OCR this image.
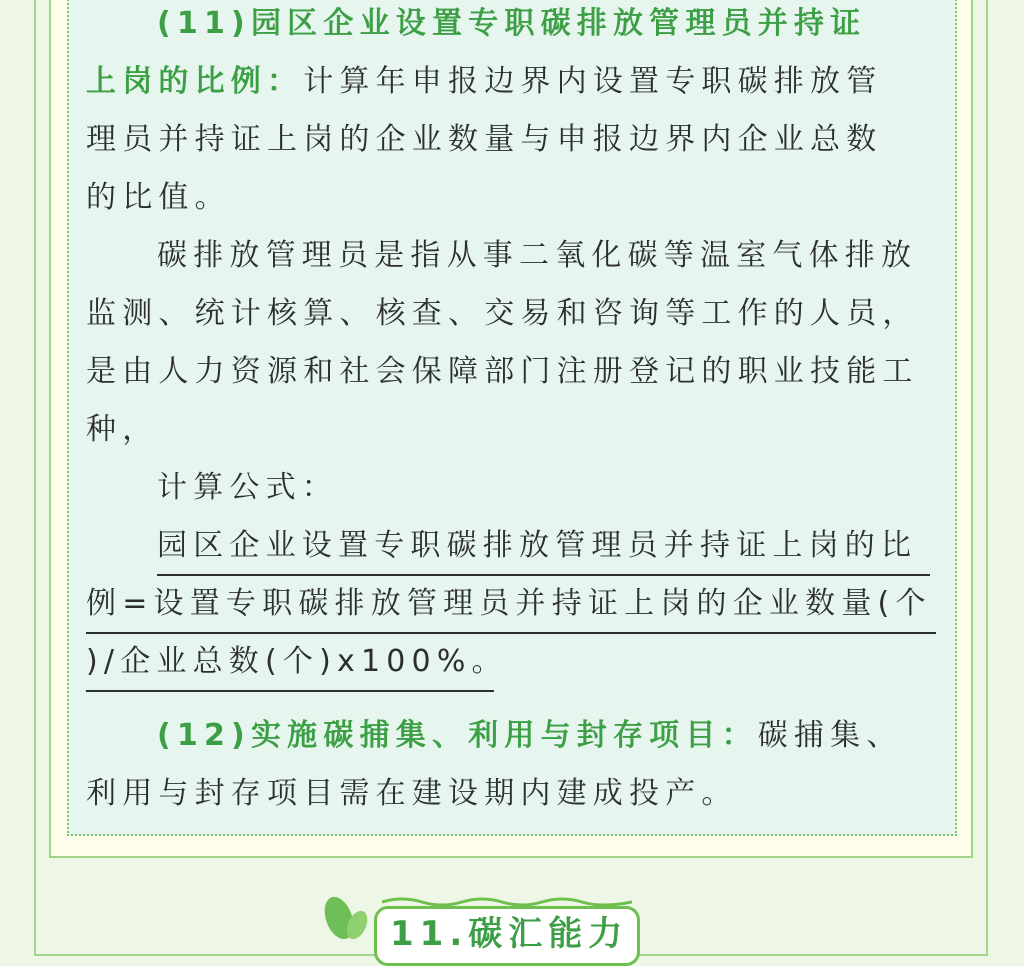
(11)园区企业设置专职碳排放管理员并持证
上岗的比例：计算年申报边界内设置专职碳排放管
理员并持证上岗的企业数量与申报边界内企业总数
的比值。
碳排放管理员是指从事二氧化碳等温室气体排放
监测、统计核算、核查、交易和咨询等工作的人员，
是由人力资源和社会保障部门注册登记的职业技能工
种，
计算公式：
园区企业设置专职碳排放管理员并持证上岗的比
例=设置专职碳排放管理员并持证上岗的企业数量(个
)/企业总数(个)x100%。
(12)实施碳捕集、利用与封存项目：碳捕集、
利用与封存项目需在建设期内建成投产。
11.碳汇能力
